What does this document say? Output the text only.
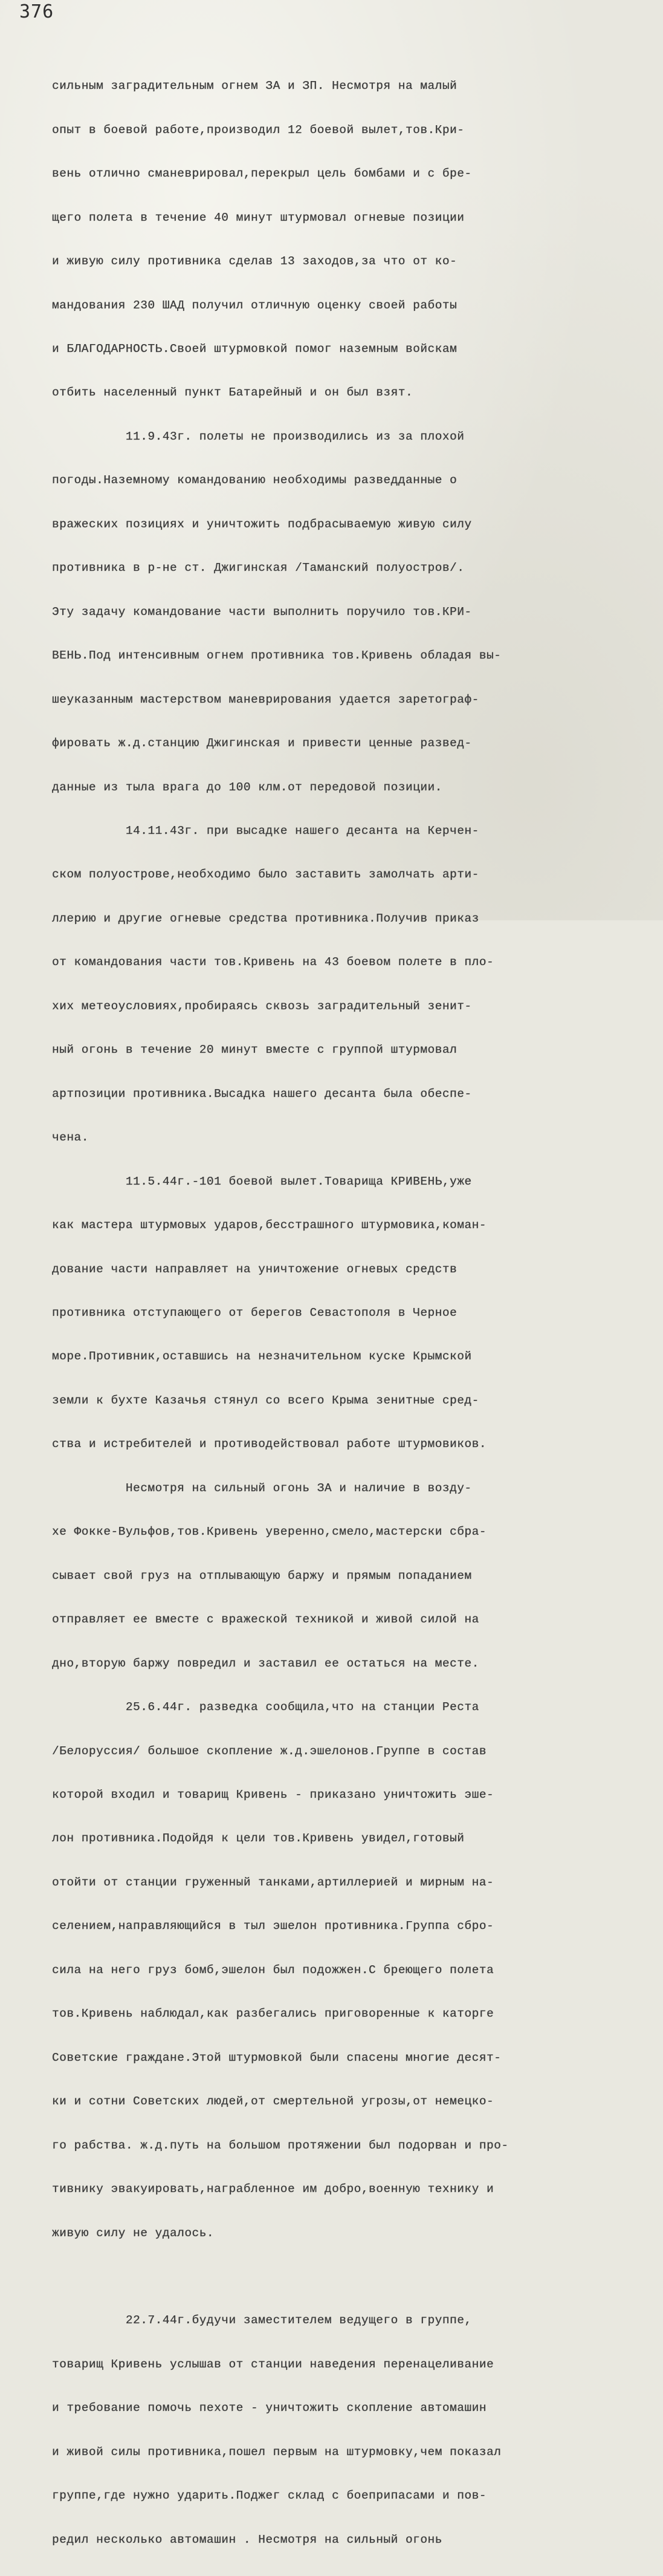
376

сильным заградительным огнем ЗА и ЗП. Несмотря на малый

опыт в боевой работе,производил 12 боевой вылет,тов.Кри-

вень отлично сманеврировал,перекрыл цель бомбами и с бре-

щего полета в течение 40 минут штурмовал огневые позиции

и живую силу противника сделав 13 заходов,за что от ко-

мандования 230 ШАД получил отличную оценку своей работы

и БЛАГОДАРНОСТЬ.Своей штурмовкой помог наземным войскам

отбить населенный пункт Батарейный и он был взят.

11.9.43г. полеты не производились из за плохой

погоды.Наземному командованию необходимы разведданные о

вражеских позициях и уничтожить подбрасываемую живую силу

противника в р-не ст. Джигинская /Таманский полуостров/.

Эту задачу командование части выполнить поручило тов.КРИ-

ВЕНЬ.Под интенсивным огнем противника тов.Кривень обладая вы-

шеуказанным мастерством маневрирования удается заретограф-

фировать ж.д.станцию Джигинская и привести ценные развед-

данные из тыла врага до 100 клм.от передовой позиции.

14.11.43г. при высадке нашего десанта на Керчен-

ском полуострове,необходимо было заставить замолчать арти-

ллерию и другие огневые средства противника.Получив приказ

от командования части тов.Кривень на 43 боевом полете в пло-

хих метеоусловиях,пробираясь сквозь заградительный зенит-

ный огонь в течение 20 минут вместе с группой штурмовал

артпозиции противника.Высадка нашего десанта была обеспе-

чена.

11.5.44г.-101 боевой вылет.Товарища КРИВЕНЬ,уже

как мастера штурмовых ударов,бесстрашного штурмовика,коман-

дование части направляет на уничтожение огневых средств

противника отступающего от берегов Севастополя в Черное

море.Противник,оставшись на незначительном куске Крымской

земли к бухте Казачья стянул со всего Крыма зенитные сред-

ства и истребителей и противодействовал работе штурмовиков.

Несмотря на сильный огонь ЗА и наличие в возду-

хе Фокке-Вульфов,тов.Кривень уверенно,смело,мастерски сбра-

сывает свой груз на отплывающую баржу и прямым попаданием

отправляет ее вместе с вражеской техникой и живой силой на

дно,вторую баржу повредил и заставил ее остаться на месте.

25.6.44г. разведка сообщила,что на станции Реста

/Белоруссия/ большое скопление ж.д.эшелонов.Группе в состав

которой входил и товарищ Кривень - приказано уничтожить эше-

лон противника.Подойдя к цели тов.Кривень увидел,готовый

отойти от станции груженный танками,артиллерией и мирным на-

селением,направляющийся в тыл эшелон противника.Группа сбро-

сила на него груз бомб,эшелон был подожжен.С бреющего полета

тов.Кривень наблюдал,как разбегались приговоренные к каторге

Советские граждане.Этой штурмовкой были спасены многие десят-

ки и сотни Советских людей,от смертельной угрозы,от немецко-

го рабства. ж.д.путь на большом протяжении был подорван и про-

тивнику эвакуировать,награбленное им добро,военную технику и

живую силу не удалось.

22.7.44г.будучи заместителем ведущего в группе,

товарищ Кривень услышав от станции наведения перенацеливание

и требование помочь пехоте - уничтожить скопление автомашин

и живой силы противника,пошел первым на штурмовку,чем показал

группе,где нужно ударить.Поджег склад с боеприпасами и пов-

редил несколько автомашин . Несмотря на сильный огонь
